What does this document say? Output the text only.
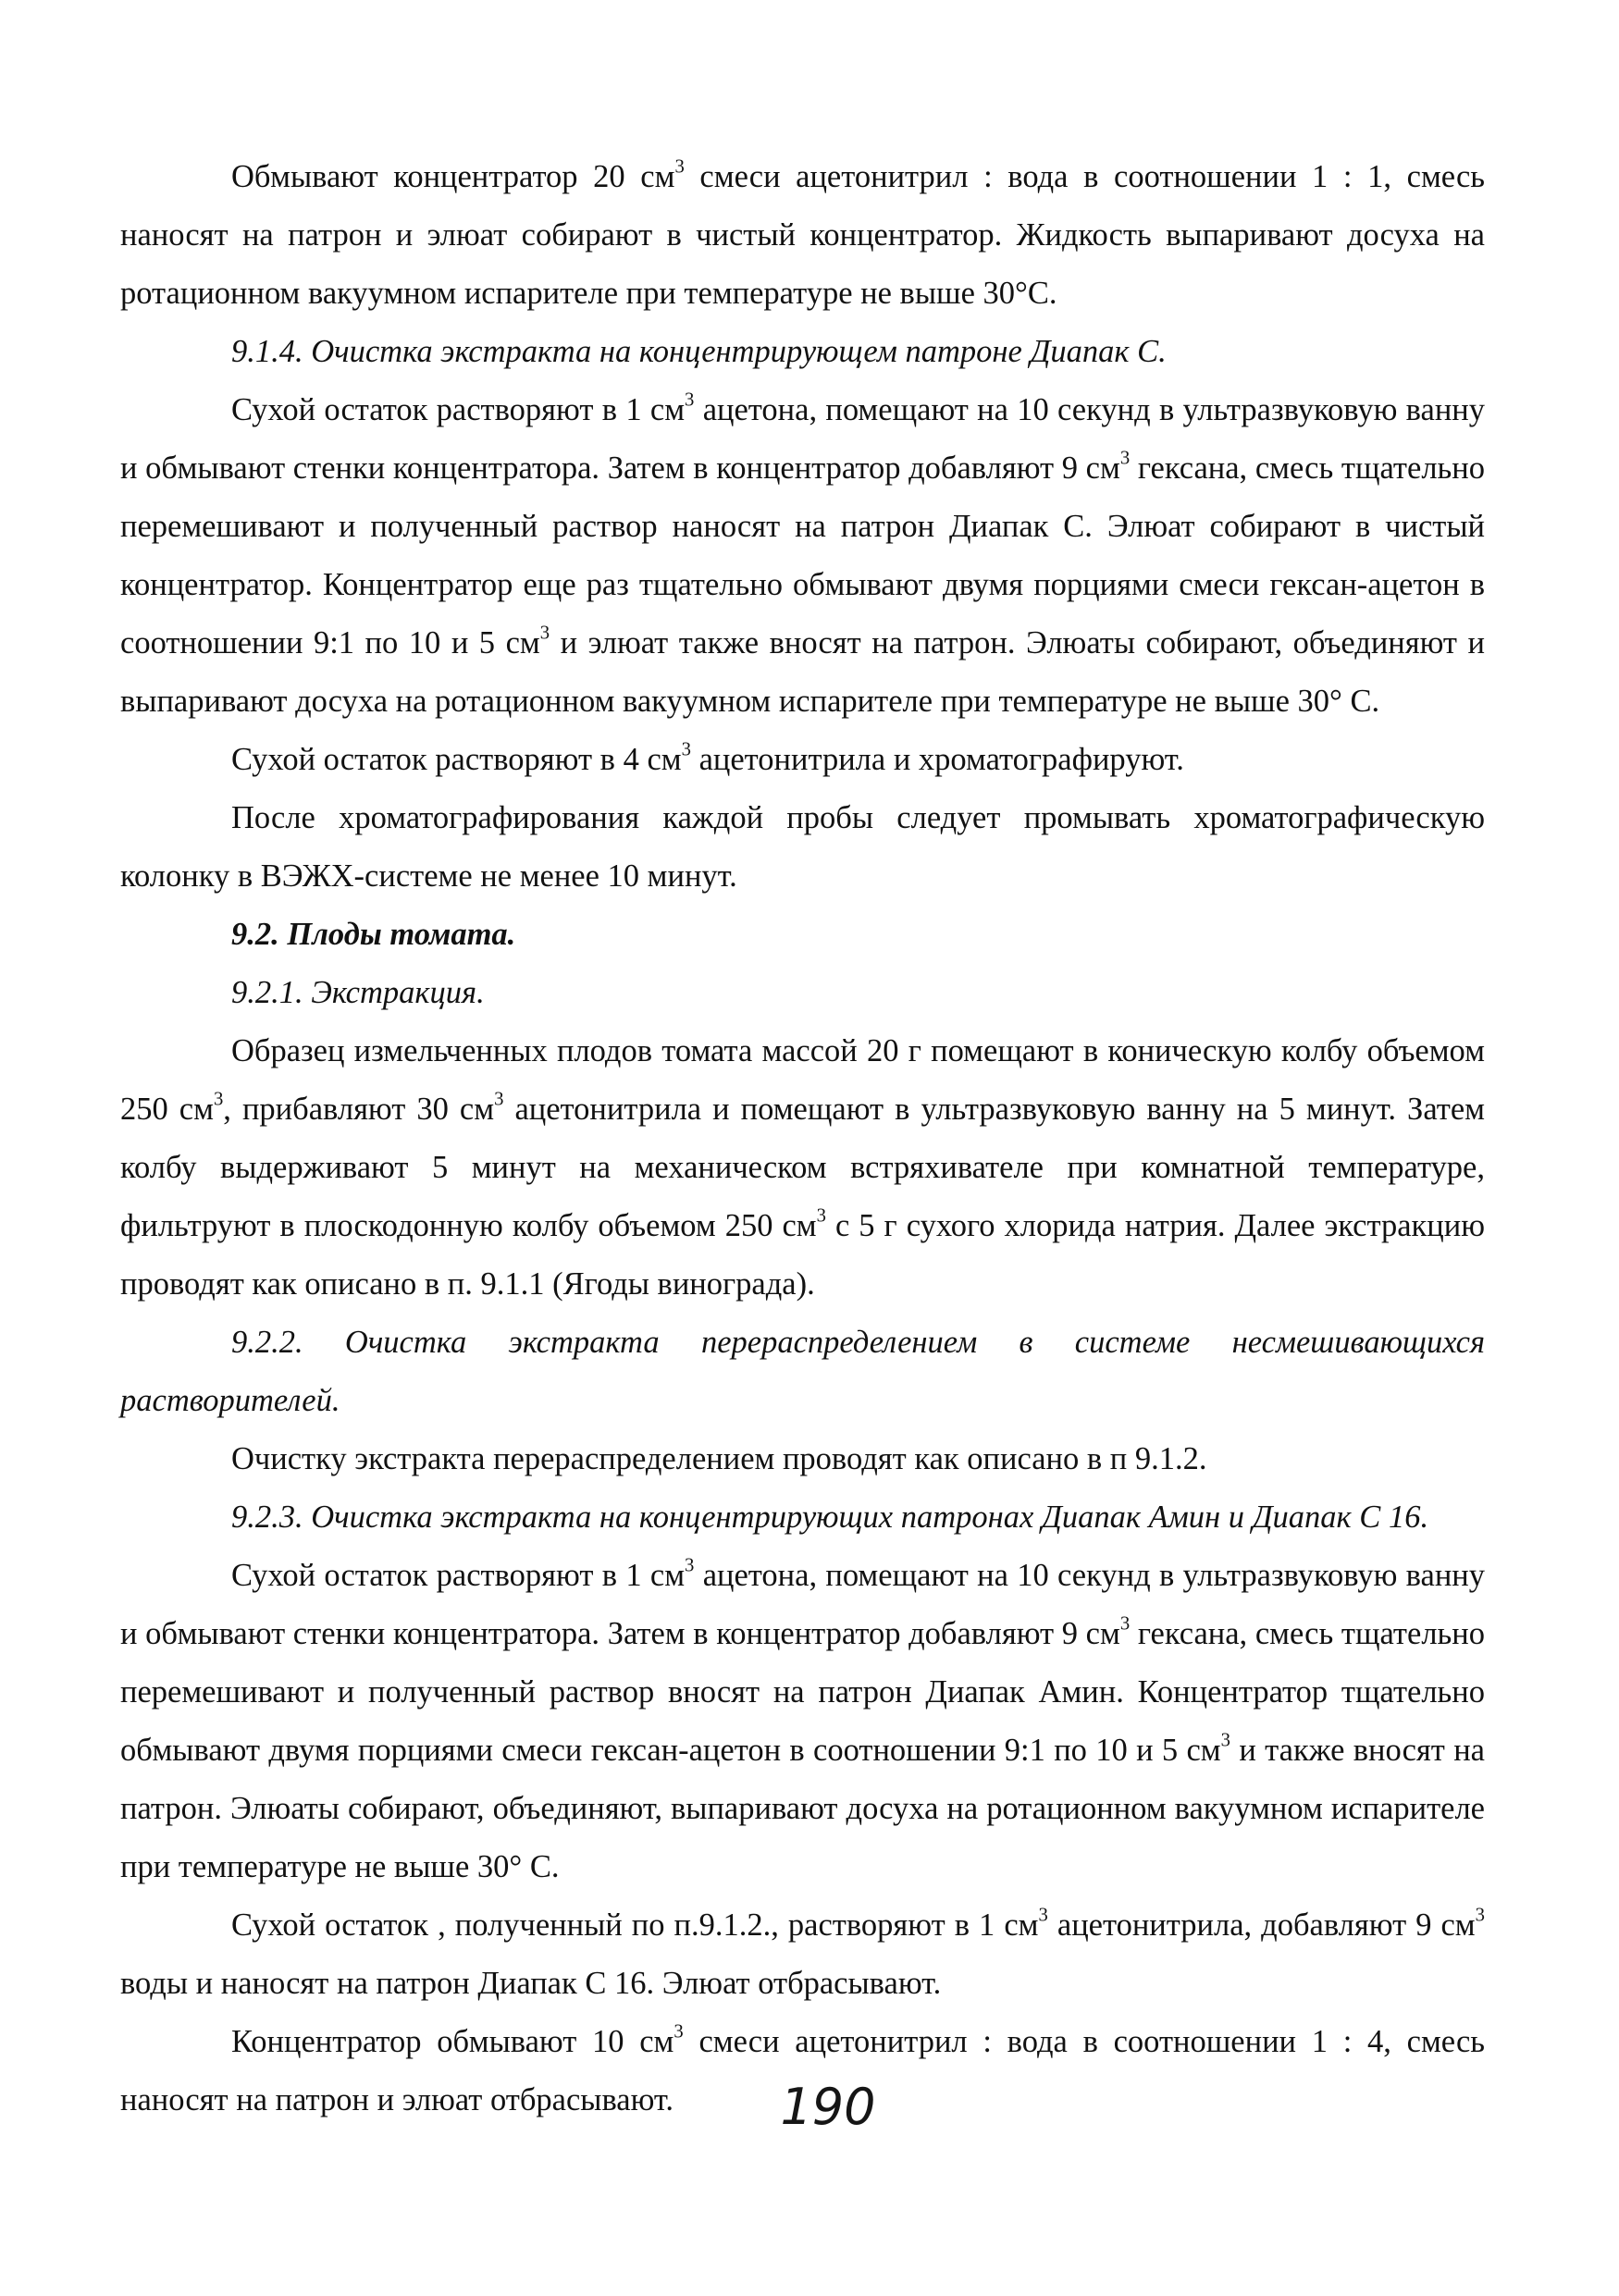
Обмывают концентратор 20 $см^3$ смеси ацетонитрил : вода в соотношении 1 : 1, смесь наносят на патрон и элюат собирают в чистый концентратор. Жидкость выпаривают досуха на ротационном вакуумном испарителе при температуре не выше 30°С.

9.1.4. Очистка экстракта на концентрирующем патроне Диапак С.

Сухой остаток растворяют в 1 $см^3$ ацетона, помещают на 10 секунд в ультразвуковую ванну и обмывают стенки концентратора. Затем в концентратор добавляют 9 $см^3$ гексана, смесь тщательно перемешивают и полученный раствор наносят на патрон Диапак С. Элюат собирают в чистый концентратор. Концентратор еще раз тщательно обмывают двумя порциями смеси гексан-ацетон в соотношении 9:1 по 10 и 5 $см^3$ и элюат также вносят на патрон. Элюаты собирают, объединяют и выпаривают досуха на ротационном вакуумном испарителе при температуре не выше 30° С.

Сухой остаток растворяют в 4 $см^3$ ацетонитрила и хроматографируют.

После хроматографирования каждой пробы следует промывать хроматографическую колонку в ВЭЖХ-системе не менее 10 минут.

9.2. Плоды томата.

9.2.1. Экстракция.

Образец измельченных плодов томата массой 20 г помещают в коническую колбу объемом 250 $см^3$, прибавляют 30 $см^3$ ацетонитрила и помещают в ультразвуковую ванну на 5 минут. Затем колбу выдерживают 5 минут на механическом встряхивателе при комнатной температуре, фильтруют в плоскодонную колбу объемом 250 $см^3$ с 5 г сухого хлорида натрия. Далее экстракцию проводят как описано в п. 9.1.1 (Ягоды винограда).

9.2.2. Очистка экстракта перераспределением в системе несмешивающихся растворителей.

Очистку экстракта перераспределением проводят как описано в п 9.1.2.

9.2.3. Очистка экстракта на концентрирующих патронах Диапак Амин и Диапак С 16.

Сухой остаток растворяют в 1 $см^3$ ацетона, помещают на 10 секунд в ультразвуковую ванну и обмывают стенки концентратора. Затем в концентратор добавляют 9 $см^3$ гексана, смесь тщательно перемешивают и полученный раствор вносят на патрон Диапак Амин. Концентратор тщательно обмывают двумя порциями смеси гексан-ацетон в соотношении 9:1 по 10 и 5 $см^3$ и также вносят на патрон. Элюаты собирают, объединяют, выпаривают досуха на ротационном вакуумном испарителе при температуре не выше 30° С.

Сухой остаток , полученный по п.9.1.2., растворяют в 1 $см^3$ ацетонитрила, добавляют 9 $см^3$ воды и наносят на патрон Диапак С 16. Элюат отбрасывают.

Концентратор обмывают 10 $см^3$ смеси ацетонитрил : вода в соотношении 1 : 4, смесь наносят на патрон и элюат отбрасывают.	190
